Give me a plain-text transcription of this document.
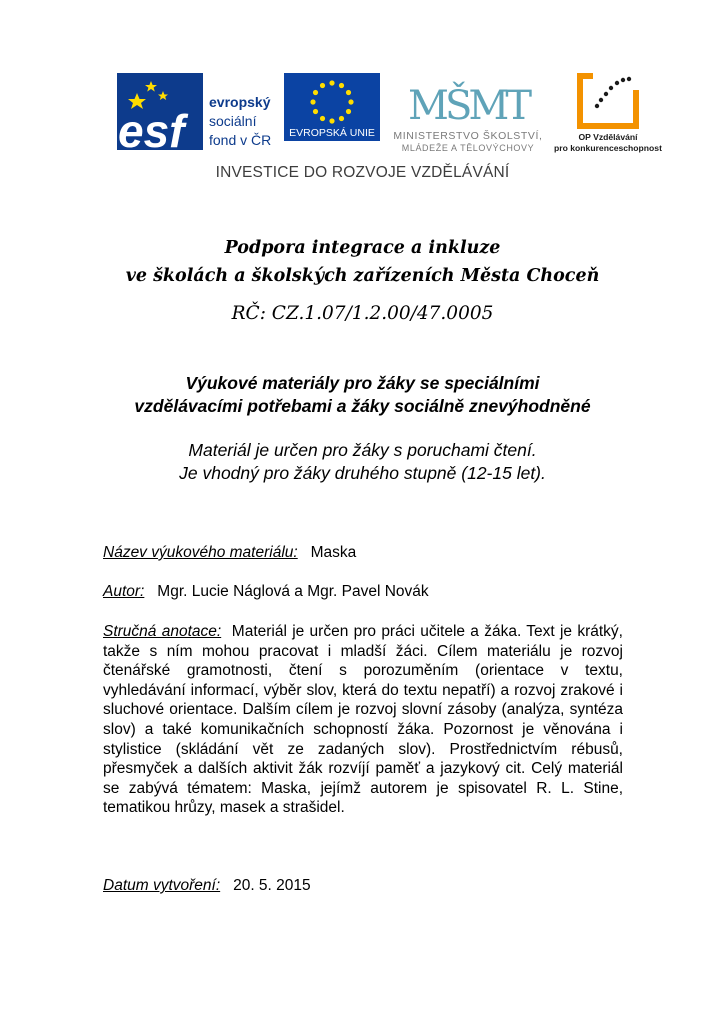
esf
evropský
sociální
fond v ČR EVROPSKÁ UNIE
MŠMT
MINISTERSTVO ŠKOLSTVÍ,
MLÁDEŽE A TĚLOVÝCHOVY
OP Vzdělávání
pro konkurenceschopnost
INVESTICE DO ROZVOJE VZDĚLÁVÁNÍ
Podpora integrace a inkluze
ve školách a školských zařízeních Města Choceň
RČ: CZ.1.07/1.2.00/47.0005
Výukové materiály pro žáky se speciálními
vzdělávacími potřebami a žáky sociálně znevýhodněné
Materiál je určen pro žáky s poruchami čtení.
Je vhodný pro žáky druhého stupně (12-15 let).
Název výukového materiálu: Maska
Autor: Mgr. Lucie Náglová a Mgr. Pavel Novák
Stručná anotace: Materiál je určen pro práci učitele a žáka. Text je krátký, takže s ním mohou pracovat i mladší žáci. Cílem materiálu je rozvoj čtenářské gramotnosti, čtení s porozuměním (orientace v textu, vyhledávání informací, výběr slov, která do textu nepatří) a rozvoj zrakové i sluchové orientace. Dalším cílem je rozvoj slovní zásoby (analýza, syntéza slov) a také komunikačních schopností žáka. Pozornost je věnována i stylistice (skládání vět ze zadaných slov). Prostřednictvím rébusů, přesmyček a dalších aktivit žák rozvíjí paměť a jazykový cit. Celý materiál se zabývá tématem: Maska, jejímž autorem je spisovatel R. L. Stine, tematikou hrůzy, masek a strašidel.
Datum vytvoření: 20. 5. 2015
